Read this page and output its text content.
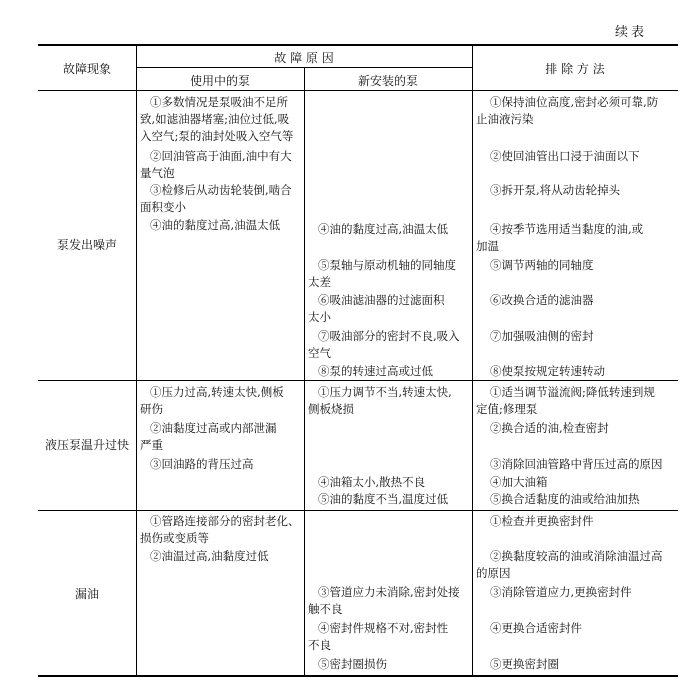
续表
故障现象
故 障 原 因
使用中的泵	新安装的泵
排 除 方 法
泵发出噪声
液压泵温升过快
漏油
①多数情况是泵吸油不足所
致,如滤油器堵塞;油位过低,吸
入空气;泵的油封处吸入空气等
②回油管高于油面,油中有大
量气泡
③检修后从动齿轮装倒,啮合
面积变小
④油的黏度过高,油温太低	④油的黏度过高,油温太低
⑤泵轴与原动机轴的同轴度
太差
⑥吸油滤油器的过滤面积
太小
⑦吸油部分的密封不良,吸入
空气
⑧泵的转速过高或过低
①保持油位高度,密封必须可靠,防
止油液污染
②使回油管出口浸于油面以下
③拆开泵,将从动齿轮掉头
④按季节选用适当黏度的油,或
加温
⑤调节两轴的同轴度
⑥改换合适的滤油器
⑦加强吸油侧的密封
⑧使泵按规定转速转动
①压力过高,转速太快,侧板
研伤
②油黏度过高或内部泄漏
严重
③回油路的背压过高
①压力调节不当,转速太快,
侧板烧损
④油箱太小,散热不良
⑤油的黏度不当,温度过低
①适当调节溢流阀;降低转速到规
定值;修理泵
②换合适的油,检查密封
③消除回油管路中背压过高的原因
④加大油箱
⑤换合适黏度的油或给油加热
①管路连接部分的密封老化、
损伤或变质等
②油温过高,油黏度过低
③管道应力未消除,密封处接
触不良
④密封件规格不对,密封性
不良
⑤密封圈损伤
①检查并更换密封件
②换黏度较高的油或消除油温过高
的原因
③消除管道应力,更换密封件
④更换合适密封件
⑤更换密封圈
